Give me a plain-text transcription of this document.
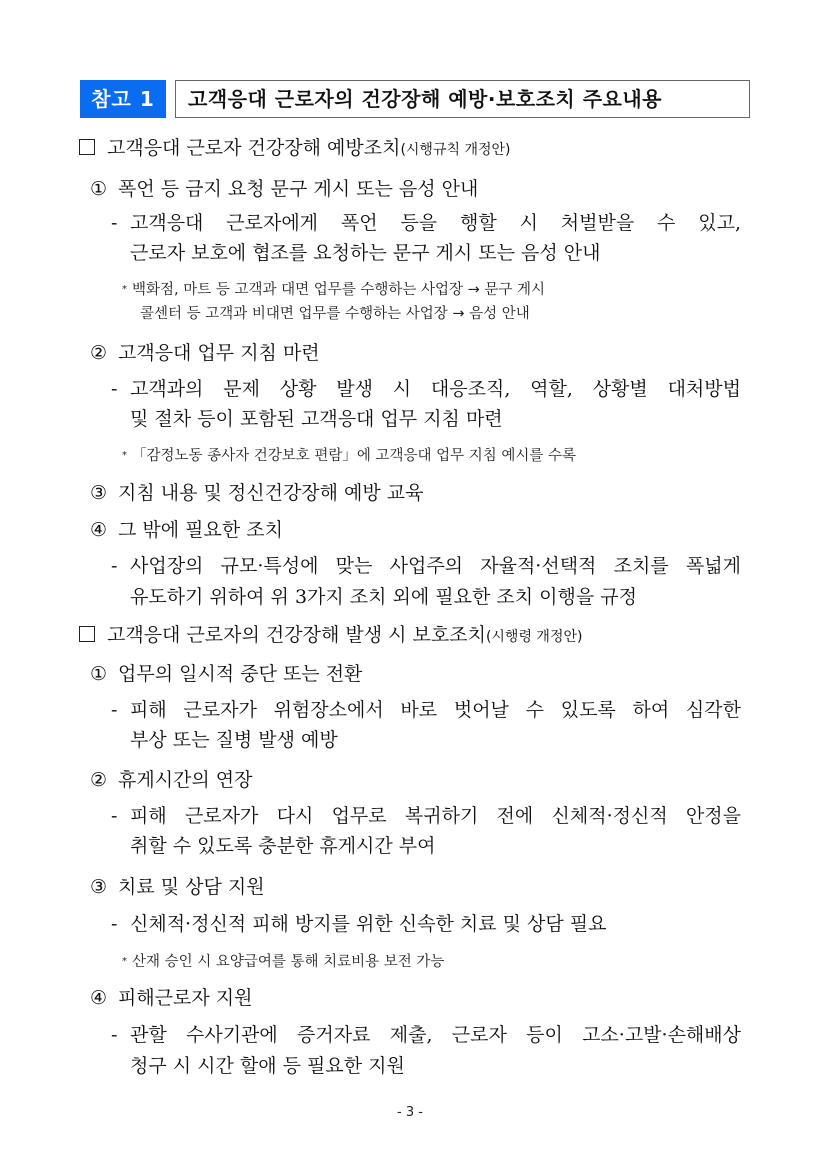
참고 1	고객응대 근로자의 건강장해 예방·보호조치 주요내용
고객응대 근로자 건강장해 예방조치(시행규칙 개정안)
① 폭언 등 금지 요청 문구 게시 또는 음성 안내
- 고객응대 근로자에게 폭언 등을 행할 시 처벌받을 수 있고,
근로자 보호에 협조를 요청하는 문구 게시 또는 음성 안내
* 백화점, 마트 등 고객과 대면 업무를 수행하는 사업장 → 문구 게시
콜센터 등 고객과 비대면 업무를 수행하는 사업장 → 음성 안내
② 고객응대 업무 지침 마련
- 고객과의 문제 상황 발생 시 대응조직, 역할, 상황별 대처방법
및 절차 등이 포함된 고객응대 업무 지침 마련
* 「감정노동 종사자 건강보호 편람」에 고객응대 업무 지침 예시를 수록
③ 지침 내용 및 정신건강장해 예방 교육
④ 그 밖에 필요한 조치
- 사업장의 규모·특성에 맞는 사업주의 자율적·선택적 조치를 폭넓게
유도하기 위하여 위 3가지 조치 외에 필요한 조치 이행을 규정
고객응대 근로자의 건강장해 발생 시 보호조치(시행령 개정안)
① 업무의 일시적 중단 또는 전환
- 피해 근로자가 위험장소에서 바로 벗어날 수 있도록 하여 심각한
부상 또는 질병 발생 예방
② 휴게시간의 연장
- 피해 근로자가 다시 업무로 복귀하기 전에 신체적·정신적 안정을
취할 수 있도록 충분한 휴게시간 부여
③ 치료 및 상담 지원
- 신체적·정신적 피해 방지를 위한 신속한 치료 및 상담 필요
* 산재 승인 시 요양급여를 통해 치료비용 보전 가능
④ 피해근로자 지원
- 관할 수사기관에 증거자료 제출, 근로자 등이 고소·고발·손해배상
청구 시 시간 할애 등 필요한 지원
- 3 -
